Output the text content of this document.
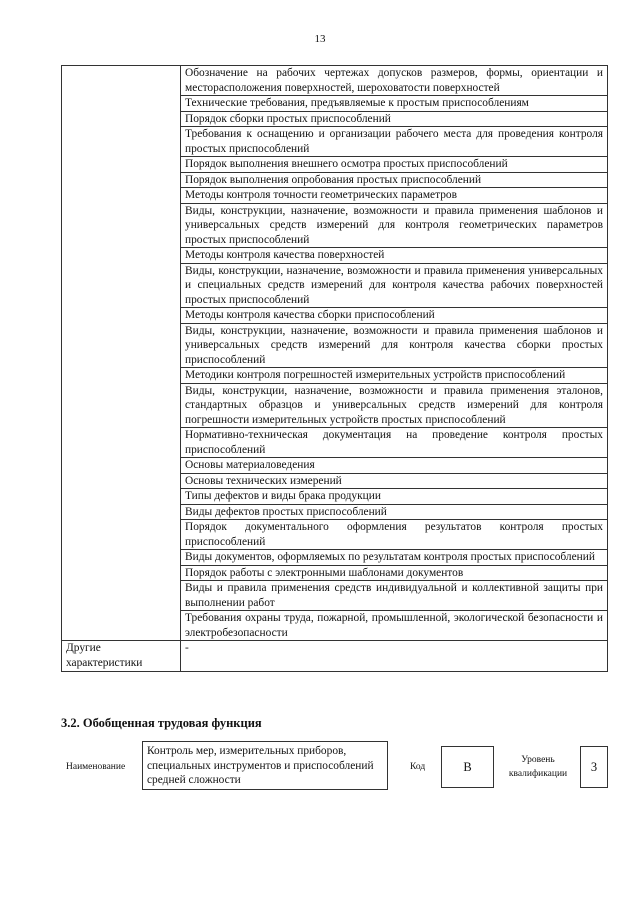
13
	Обозначение на рабочих чертежах допусков размеров, формы, ориентации и месторасположения поверхностей, шероховатости поверхностей
	Технические требования, предъявляемые к простым приспособлениям
	Порядок сборки простых приспособлений
	Требования к оснащению и организации рабочего места для проведения контроля простых приспособлений
	Порядок выполнения внешнего осмотра простых приспособлений
	Порядок выполнения опробования простых приспособлений
	Методы контроля точности геометрических параметров
	Виды, конструкции, назначение, возможности и правила применения шаблонов и универсальных средств измерений для контроля геометрических параметров простых приспособлений
	Методы контроля качества поверхностей
	Виды, конструкции, назначение, возможности и правила применения универсальных и специальных средств измерений для контроля качества рабочих поверхностей простых приспособлений
	Методы контроля качества сборки приспособлений
	Виды, конструкции, назначение, возможности и правила применения шаблонов и универсальных средств измерений для контроля качества сборки простых приспособлений
	Методики контроля погрешностей измерительных устройств приспособлений
	Виды, конструкции, назначение, возможности и правила применения эталонов, стандартных образцов и универсальных средств измерений для контроля погрешности измерительных устройств простых приспособлений
	Нормативно-техническая документация на проведение контроля простых приспособлений
	Основы материаловедения
	Основы технических измерений
	Типы дефектов и виды брака продукции
	Виды дефектов простых приспособлений
	Порядок документального оформления результатов контроля простых приспособлений
	Виды документов, оформляемых по результатам контроля простых приспособлений
	Порядок работы с электронными шаблонами документов
	Виды и правила применения средств индивидуальной и коллективной защиты при выполнении работ
	Требования охраны труда, пожарной, промышленной, экологической безопасности и электробезопасности
Другие характеристики	-
3.2. Обобщенная трудовая функция
Наименование
Контроль мер, измерительных приборов, специальных инструментов и приспособлений средней сложности
Код	В	Уровень квалификации
3
